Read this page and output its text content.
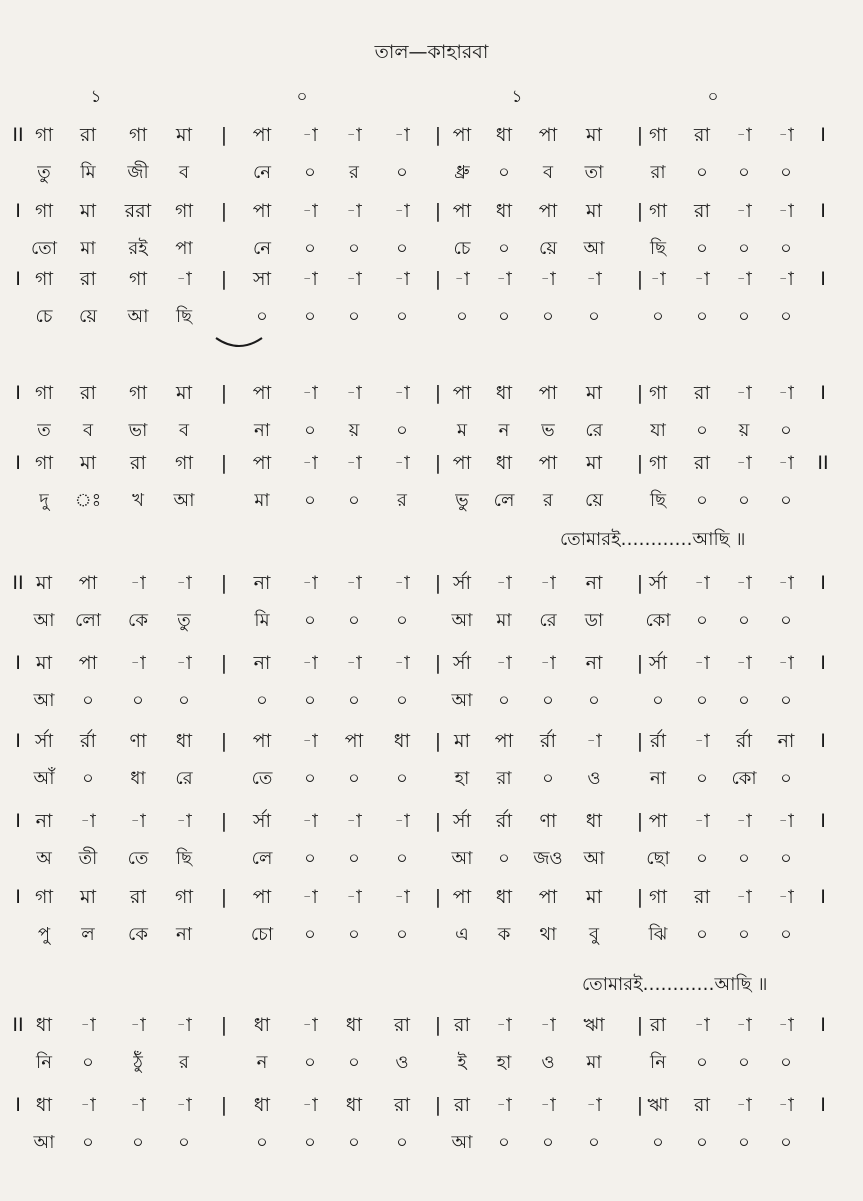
তাল—কাহারবা
১	০	১	০
II গা	রা	গা	মা	পা	-া	-া	-া	পা	ধা	পা	মা	গা	রা	-া	-া
|	|	|	I
তু	মি	জী	ব	নে	০	র	০	ধ্রু	০	ব	তা	রা	০	০	০
I গা	মা	ররা	গা	পা	-া	-া	-া	পা	ধা	পা	মা	গা	রা	-া	-া
|	|	|	I
তো	মা	রই	পা	নে	০	০	০	চে	০	য়ে	আ	ছি	০	০	০
I গা	রা	গা	-া	সা	-া	-া	-া	-া	-া	-া	-া	-া	-া	-া	-া
|	|	|	I
চে	য়ে	আ	ছি	০	০	০	০	০	০	০	০	০	০	০	০
I গা	রা	গা	মা	পা	-া	-া	-া	পা	ধা	পা	মা	গা	রা	-া	-া
|	|	|	I
ত	ব	ভা	ব	না	০	য়	০	ম	ন	ভ	রে	যা	০	য়	০
I গা	মা	রা	গা	পা	-া	-া	-া	পা	ধা	পা	মা	গা	রা	-া	-া
|	|	|	II
দু	ঃ	খ	আ	মা	০	০	র	ভু	লে	র	য়ে	ছি	০	০	০
তোমারই…………আছি ॥
II মা	পা	-া	-া	না	-া	-া	-া	র্সা	-া	-া	না	র্সা	-া	-া	-া
|	|	|	I
আ	লো	কে	তু	মি	০	০	০	আ	মা	রে	ডা	কো	০	০	০
I মা	পা	-া	-া	না	-া	-া	-া	র্সা	-া	-া	না	র্সা	-া	-া	-া
|	|	|	I
আ	০	০	০	০	০	০	০	আ	০	০	০	০	০	০	০
I র্সা	র্রা	ণা	ধা	পা	-া	পা	ধা	মা	পা	র্রা	-া	র্রা	-া	র্রা	না
|	|	|	I
আঁ	০	ধা	রে	তে	০	০	০	হা	রা	০	ও	না	০	কো	০
I না	-া	-া	-া	র্সা	-া	-া	-া	র্সা	র্রা	ণা	ধা	পা	-া	-া	-া
|	|	|	I
অ	তী	তে	ছি	লে	০	০	০	আ	০	জও	আ	ছো	০	০	০
I গা	মা	রা	গা	পা	-া	-া	-া	পা	ধা	পা	মা	গা	রা	-া	-া
|	|	|	I
পু	ল	কে	না	চো	০	০	০	এ	ক	থা	বু	ঝি	০	০	০
তোমারই…………আছি ॥
II ধা	-া	-া	-া	ধা	-া	ধা	রা	রা	-া	-া	ঋা	রা	-া	-া	-া
|	|	|	I
নি	০	ঠুঁ	র	ন	০	০	ও	ই	হা	ও	মা	নি	০	০	০
I ধা	-া	-া	-া	ধা	-া	ধা	রা	রা	-া	-া	-া	ঋা	রা	-া	-া
|	|	|	I
আ	০	০	০	০	০	০	০	আ	০	০	০	০	০	০	০
